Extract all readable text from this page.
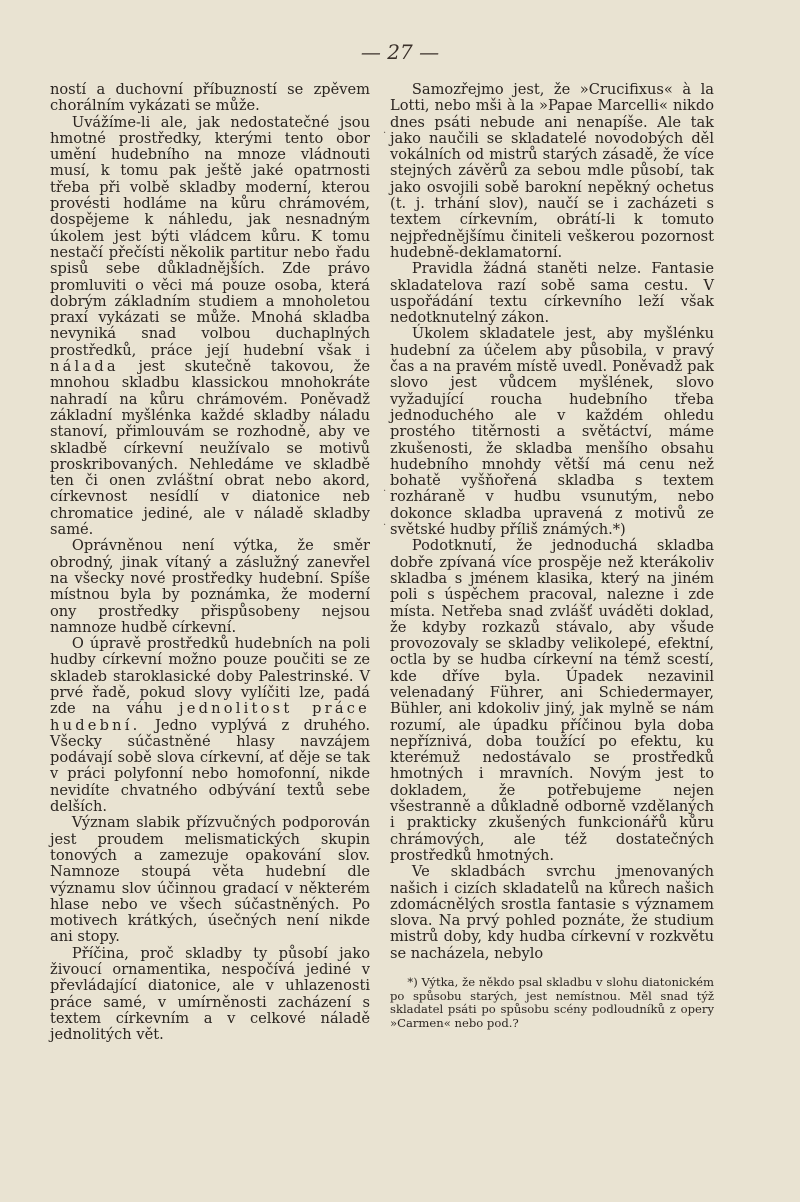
— 27 —

ností a duchovní příbuzností se zpěvem chorálním vykázati se může.

Uvážíme-li ale, jak nedostatečné jsou hmotné prostředky, kterými tento obor umění hudebního na mnoze vládnouti musí, k tomu pak ještě jaké opatrnosti třeba při volbě skladby moderní, kterou provésti hodláme na kůru chrámovém, dospějeme k náhledu, jak nesnadným úkolem jest býti vládcem kůru. K tomu nestačí přečísti několik partitur nebo řadu spisů sebe důkladnějších. Zde právo promluviti o věci má pouze osoba, která dobrým základním studiem a mnoholetou praxí vykázati se může. Mnohá skladba nevyniká snad volbou duchaplných prostředků, práce její hudební však i nálada jest skutečně takovou, že mnohou skladbu klassickou mnohokráte nahradí na kůru chrámovém. Poněvadž základní myšlénka každé skladby náladu stanoví, přimlouvám se rozhodně, aby ve skladbě církevní neužívalo se motivů proskribovaných. Nehledáme ve skladbě ten či onen zvláštní obrat nebo akord, církevnost nesídlí v diatonice neb chromatice jediné, ale v náladě skladby samé.

Oprávněnou není výtka, že směr obrodný, jinak vítaný a záslužný zanevřel na všecky nové prostředky hudební. Spíše místnou byla by poznámka, že moderní ony prostředky přispůsobeny nejsou namnoze hudbě církevní.

O úpravě prostředků hudebních na poli hudby církevní možno pouze poučiti se ze skladeb staroklasické doby Palestrinské. V prvé řadě, pokud slovy vylíčiti lze, padá zde na váhu jednolitost práce hudební. Jedno vyplývá z druhého. Všecky súčastněné hlasy navzájem podávají sobě slova církevní, ať děje se tak v práci polyfonní nebo homofonní, nikde nevidíte chvatného odbývání textů sebe delších.

Význam slabik přízvučných podporován jest proudem melismatických skupin tonových a zamezuje opakování slov. Namnoze stoupá věta hudební dle významu slov účinnou gradací v některém hlase nebo ve všech súčastněných. Po motivech krátkých, úsečných není nikde ani stopy.

Příčina, proč skladby ty působí jako živoucí ornamentika, nespočívá jediné v převládající diatonice, ale v uhlazenosti práce samé, v umírněnosti zacházení s textem církevním a v celkové náladě jednolitých vět.

·
·
·

Samozřejmo jest, že »Crucifixus« à la Lotti, nebo mši à la »Papae Marcelli« nikdo dnes psáti nebude ani nenapíše. Ale tak jako naučili se skladatelé novodobých děl vokálních od mistrů starých zásadě, že více stejných závěrů za sebou mdle působí, tak jako osvojili sobě barokní nepěkný ochetus (t. j. trhání slov), naučí se i zacházeti s textem církevním, obrátí-li k tomuto nejpřednějšímu činiteli veškerou pozornost hudebně-deklamatorní.

Pravidla žádná staněti nelze. Fantasie skladatelova razí sobě sama cestu. V uspořádání textu církevního leží však nedotknutelný zákon.

Úkolem skladatele jest, aby myšlénku hudební za účelem aby působila, v pravý čas a na pravém místě uvedl. Poněvadž pak slovo jest vůdcem myšlének, slovo vyžadující roucha hudebního třeba jednoduchého ale v každém ohledu prostého titěrnosti a světáctví, máme zkušenosti, že skladba menšího obsahu hudebního mnohdy větší má cenu než bohatě vyšňořená skladba s textem rozháraně v hudbu vsunutým, nebo dokonce skladba upravená z motivů ze světské hudby příliš známých.*)

Podotknutí, že jednoduchá skladba dobře zpívaná více prospěje než kterákoliv skladba s jménem klasika, který na jiném poli s úspěchem pracoval, nalezne i zde místa. Netřeba snad zvlášť uváděti doklad, že kdyby rozkazů stávalo, aby všude provozovaly se skladby velikolepé, efektní, octla by se hudba církevní na témž scestí, kde dříve byla. Úpadek nezavinil velenadaný Führer, ani Schiedermayer, Bühler, ani kdokoliv jiný, jak mylně se nám rozumí, ale úpadku příčinou byla doba nepříznivá, doba toužící po efektu, ku kterémuž nedostávalo se prostředků hmotných i mravních. Novým jest to dokladem, že potřebujeme nejen všestranně a důkladně odborně vzdělaných i prakticky zkušených funkcionářů kůru chrámových, ale též dostatečných prostředků hmotných.

Ve skladbách svrchu jmenovaných našich i cizích skladatelů na kůrech našich zdomácnělých srostla fantasie s významem slova. Na prvý pohled poznáte, že studium mistrů doby, kdy hudba církevní v rozkvětu se nacházela, nebylo

*) Výtka, že někdo psal skladbu v slohu diatonickém po spůsobu starých, jest nemístnou. Měl snad týž skladatel psáti po spůsobu scény podloudníků z opery »Carmen« nebo pod.?
